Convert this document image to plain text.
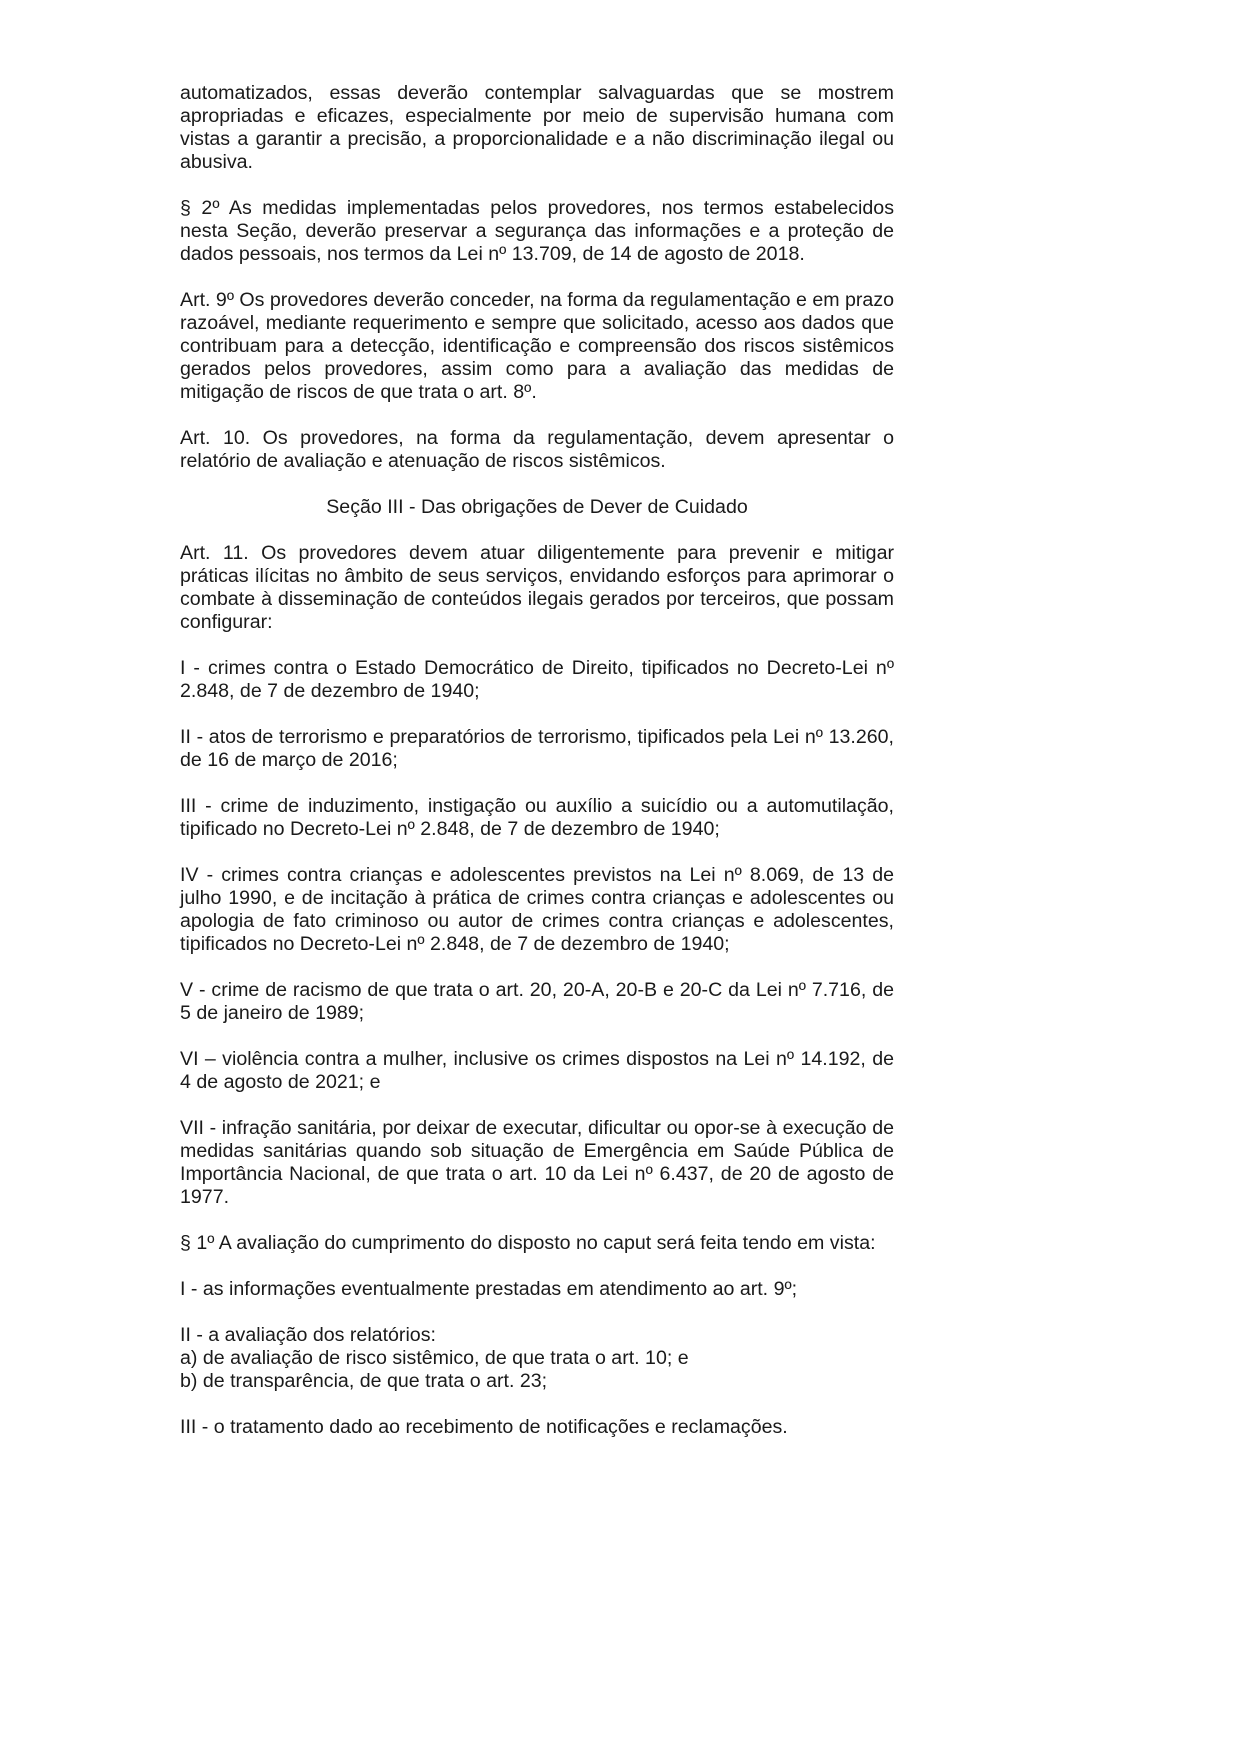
automatizados, essas deverão contemplar salvaguardas que se mostrem apropriadas e eficazes, especialmente por meio de supervisão humana com vistas a garantir a precisão, a proporcionalidade e a não discriminação ilegal ou abusiva.

§ 2º As medidas implementadas pelos provedores, nos termos estabelecidos nesta Seção, deverão preservar a segurança das informações e a proteção de dados pessoais, nos termos da Lei nº 13.709, de 14 de agosto de 2018.

Art. 9º Os provedores deverão conceder, na forma da regulamentação e em prazo razoável, mediante requerimento e sempre que solicitado, acesso aos dados que contribuam para a detecção, identificação e compreensão dos riscos sistêmicos gerados pelos provedores, assim como para a avaliação das medidas de mitigação de riscos de que trata o art. 8º.

Art. 10. Os provedores, na forma da regulamentação, devem apresentar o relatório de avaliação e atenuação de riscos sistêmicos.

Seção III - Das obrigações de Dever de Cuidado

Art. 11. Os provedores devem atuar diligentemente para prevenir e mitigar práticas ilícitas no âmbito de seus serviços, envidando esforços para aprimorar o combate à disseminação de conteúdos ilegais gerados por terceiros, que possam configurar:

I - crimes contra o Estado Democrático de Direito, tipificados no Decreto-Lei nº 2.848, de 7 de dezembro de 1940;

II - atos de terrorismo e preparatórios de terrorismo, tipificados pela Lei nº 13.260, de 16 de março de 2016;

III - crime de induzimento, instigação ou auxílio a suicídio ou a automutilação, tipificado no Decreto-Lei nº 2.848, de 7 de dezembro de 1940;

IV - crimes contra crianças e adolescentes previstos na Lei nº 8.069, de 13 de julho 1990, e de incitação à prática de crimes contra crianças e adolescentes ou apologia de fato criminoso ou autor de crimes contra crianças e adolescentes, tipificados no Decreto-Lei nº 2.848, de 7 de dezembro de 1940;

V - crime de racismo de que trata o art. 20, 20-A, 20-B e 20-C da Lei nº 7.716, de 5 de janeiro de 1989;

VI – violência contra a mulher, inclusive os crimes dispostos na Lei nº 14.192, de 4 de agosto de 2021; e

VII - infração sanitária, por deixar de executar, dificultar ou opor-se à execução de medidas sanitárias quando sob situação de Emergência em Saúde Pública de Importância Nacional, de que trata o art. 10 da Lei nº 6.437, de 20 de agosto de 1977.

§ 1º A avaliação do cumprimento do disposto no caput será feita tendo em vista:

I - as informações eventualmente prestadas em atendimento ao art. 9º;

II - a avaliação dos relatórios:
a) de avaliação de risco sistêmico, de que trata o art. 10; e
b) de transparência, de que trata o art. 23;

III - o tratamento dado ao recebimento de notificações e reclamações.
